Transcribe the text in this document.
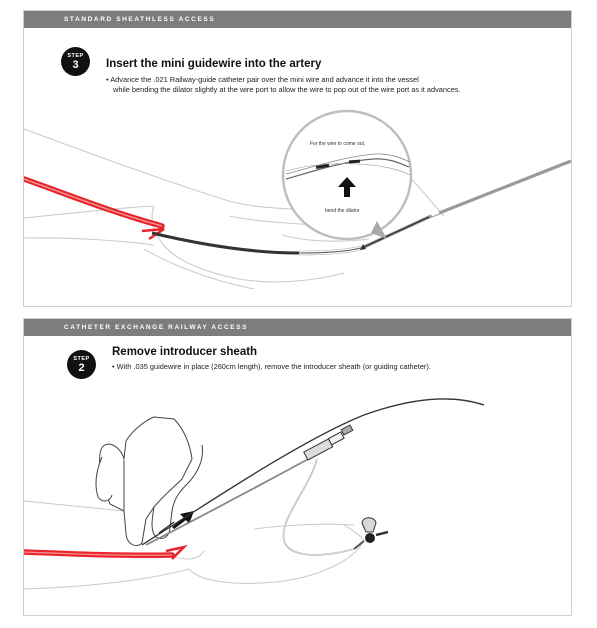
STANDARD SHEATHLESS ACCESS
STEP
3	Insert the mini guidewire into the artery
• Advance the .021 Railway-guide catheter pair over the mini wire and advance it into the vessel
while bending the dilator slightly at the wire port to allow the wire to pop out of the wire port as it advances.
For the wire to come out,
bend the dilator
CATHETER EXCHANGE RAILWAY ACCESS
STEP
2
Remove introducer sheath
• With .035 guidewire in place (260cm length), remove the introducer sheath (or guiding catheter).
